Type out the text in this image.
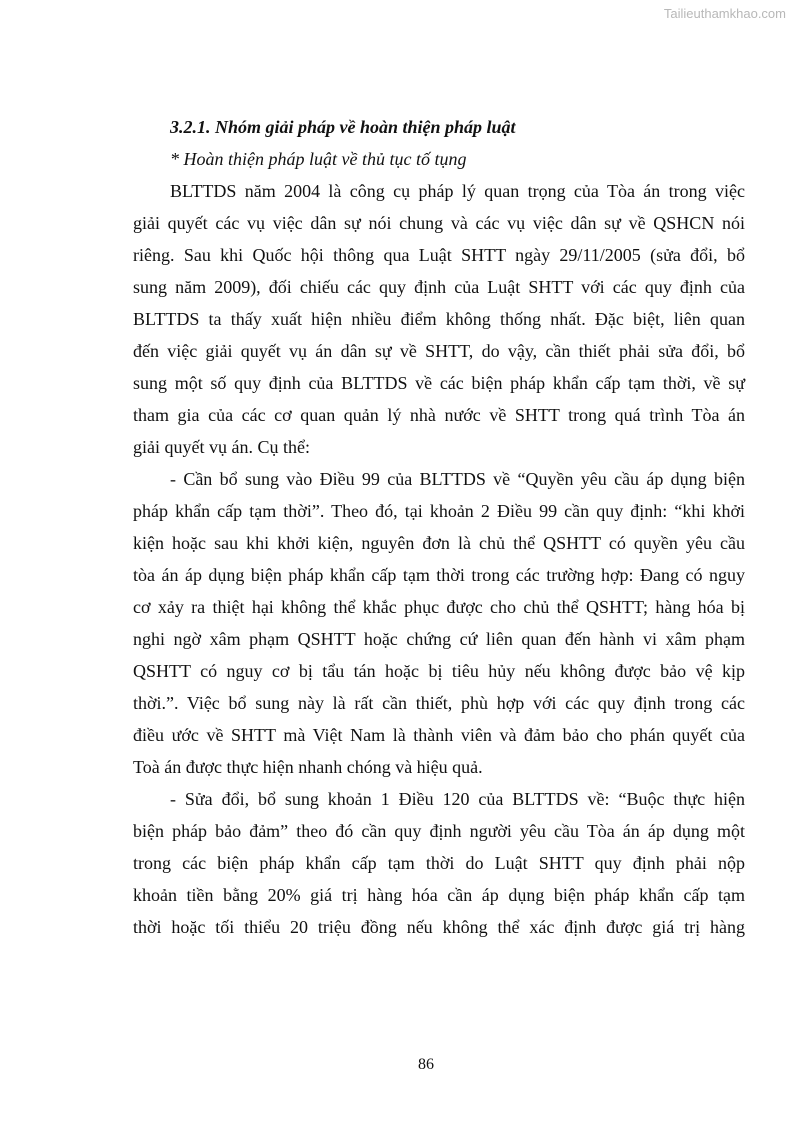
Tailieuthamkhao.com
3.2.1. Nhóm giải pháp về hoàn thiện pháp luật
* Hoàn thiện pháp luật về thủ tục tố tụng
BLTTDS năm 2004 là công cụ pháp lý quan trọng của Tòa án trong việc
giải quyết các vụ việc dân sự nói chung và các vụ việc dân sự về QSHCN nói
riêng. Sau khi Quốc hội thông qua Luật SHTT ngày 29/11/2005 (sửa đổi, bổ
sung năm 2009), đối chiếu các quy định của Luật SHTT với các quy định của
BLTTDS ta thấy xuất hiện nhiều điểm không thống nhất. Đặc biệt, liên quan
đến việc giải quyết vụ án dân sự về SHTT, do vậy, cần thiết phải sửa đổi, bổ
sung một số quy định của BLTTDS về các biện pháp khẩn cấp tạm thời, về sự
tham gia của các cơ quan quản lý nhà nước về SHTT trong quá trình Tòa án
giải quyết vụ án. Cụ thể:
- Cần bổ sung vào Điều 99 của BLTTDS về “Quyền yêu cầu áp dụng biện
pháp khẩn cấp tạm thời”. Theo đó, tại khoản 2 Điều 99 cần quy định: “khi khởi
kiện hoặc sau khi khởi kiện, nguyên đơn là chủ thể QSHTT có quyền yêu cầu
tòa án áp dụng biện pháp khẩn cấp tạm thời trong các trường hợp: Đang có nguy
cơ xảy ra thiệt hại không thể khắc phục được cho chủ thể QSHTT; hàng hóa bị
nghi ngờ xâm phạm QSHTT hoặc chứng cứ liên quan đến hành vi xâm phạm
QSHTT có nguy cơ bị tẩu tán hoặc bị tiêu hủy nếu không được bảo vệ kịp
thời.”. Việc bổ sung này là rất cần thiết, phù hợp với các quy định trong các
điều ước về SHTT mà Việt Nam là thành viên và đảm bảo cho phán quyết của
Toà án được thực hiện nhanh chóng và hiệu quả.
- Sửa đổi, bổ sung khoản 1 Điều 120 của BLTTDS về: “Buộc thực hiện
biện pháp bảo đảm” theo đó cần quy định người yêu cầu Tòa án áp dụng một
trong các biện pháp khẩn cấp tạm thời do Luật SHTT quy định phải nộp
khoản tiền bằng 20% giá trị hàng hóa cần áp dụng biện pháp khẩn cấp tạm
thời hoặc tối thiểu 20 triệu đồng nếu không thể xác định được giá trị hàng
86
